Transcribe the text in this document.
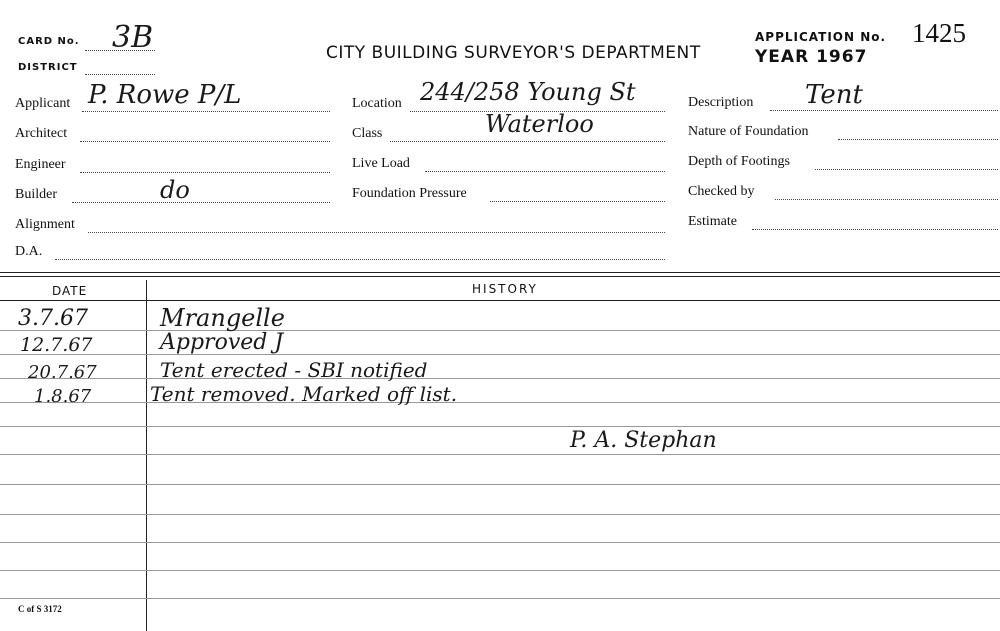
CARD No. 3B
DISTRICT
CITY BUILDING SURVEYOR'S DEPARTMENT
APPLICATION No. 1425
YEAR 1967
Applicant P. Rowe P/L
Architect
Engineer
Builder	do
Alignment
D.A.
Location 244/258 Young St
Class	Waterloo
Live Load
Foundation Pressure
Description Tent
Nature of Foundation
Depth of Footings
Checked by
Estimate
DATE	HISTORY
3.7.67	Mrangelle
12.7.67	Approved J
20.7.67	Tent erected - SBI notified
1.8.67	Tent removed. Marked off list.
P. A. Stephan
C of S 3172
